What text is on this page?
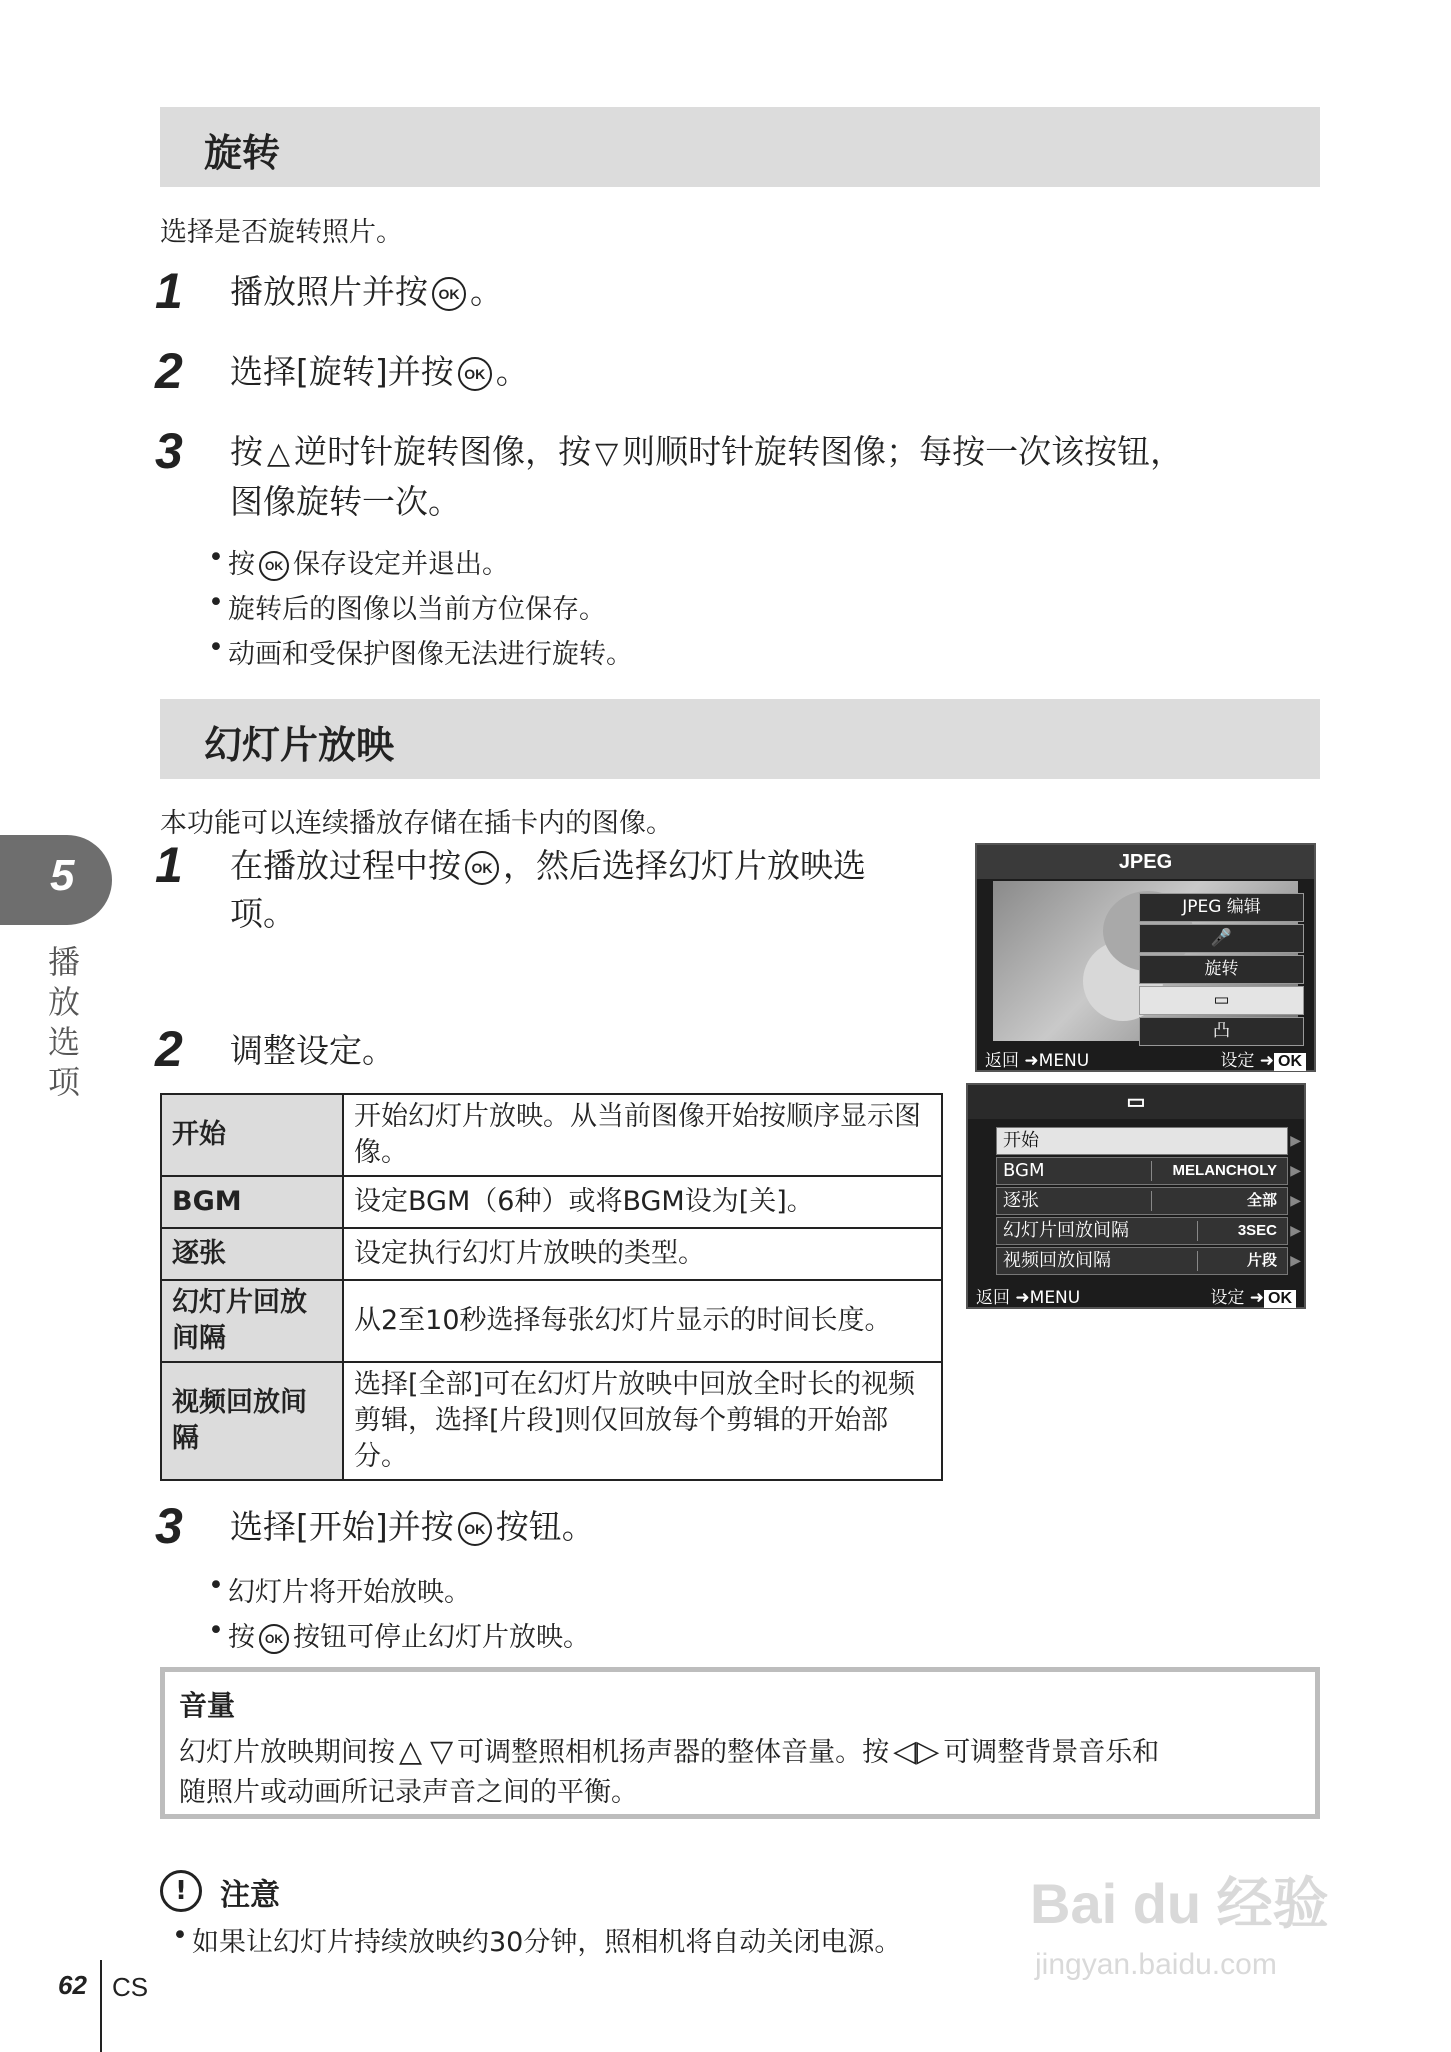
旋转
选择是否旋转照片。
1 播放照片并按 OK 。
2 选择[旋转]并按 OK 。
3 按 △ 逆时针旋转图像，按 ▽ 则顺时针旋转图像；每按一次该按钮，
图像旋转一次。
• 按 OK 保存设定并退出。
• 旋转后的图像以当前方位保存。
• 动画和受保护图像无法进行旋转。
幻灯片放映
本功能可以连续播放存储在插卡内的图像。
1 在播放过程中按 OK ，然后选择幻灯片放映选
项。
2 调整设定。
开始	开始幻灯片放映。从当前图像开始按顺序显示图像。
BGM	设定BGM（6种）或将BGM设为[关]。
逐张	设定执行幻灯片放映的类型。
幻灯片回放间隔	从2至10秒选择每张幻灯片显示的时间长度。
视频回放间隔	选择[全部]可在幻灯片放映中回放全时长的视频剪辑，选择[片段]则仅回放每个剪辑的开始部分。
JPEG
JPEG 编辑
🎤
旋转
▭
凸
返回 ➜MENU	设定 ➜ OK
▭
开始	▶
BGM	MELANCHOLY ▶
逐张	全部 ▶
幻灯片回放间隔	3SEC ▶
视频回放间隔	片段 ▶
返回 ➜MENU	设定 ➜ OK
3 选择[开始]并按 OK 按钮。
• 幻灯片将开始放映。
• 按 OK 按钮可停止幻灯片放映。
音量
幻灯片放映期间按 △ ▽ 可调整照相机扬声器的整体音量。按 ◁▷ 可调整背景音乐和
随照片或动画所记录声音之间的平衡。
!	注意
• 如果让幻灯片持续放映约30分钟，照相机将自动关闭电源。
5
播放选项
62 CS
Bai du 经验
jingyan.baidu.com
